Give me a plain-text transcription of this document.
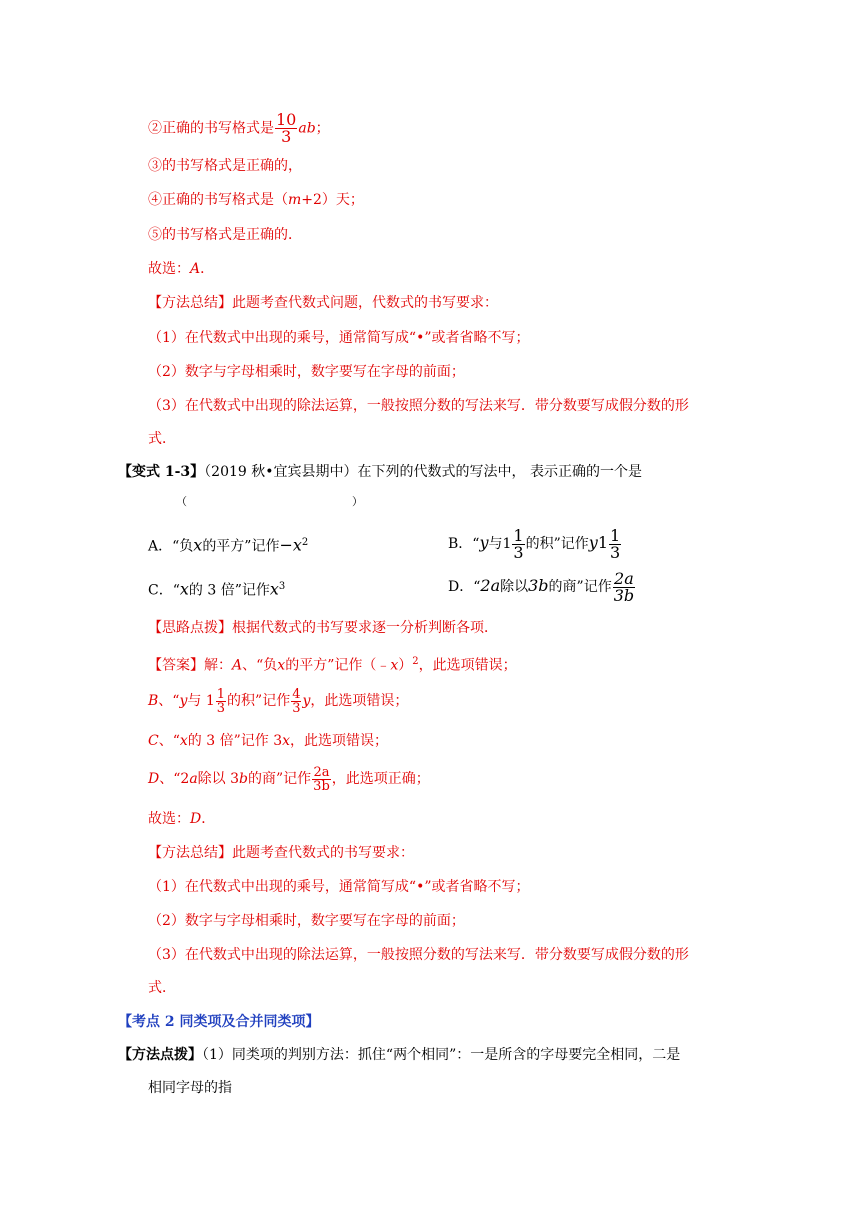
②正确的书写格式是 $\frac{10}{3}$ ab；
③的书写格式是正确的，
④正确的书写格式是（m+2）天；
⑤的书写格式是正确的．
故选：A．
【方法总结】此题考查代数式问题，代数式的书写要求：
（1）在代数式中出现的乘号，通常简写成“•”或者省略不写；
（2）数字与字母相乘时，数字要写在字母的前面；
（3）在代数式中出现的除法运算，一般按照分数的写法来写．带分数要写成假分数的形
式．
【变式 1-3】（2019 秋•宜宾县期中）在下列的代数式的写法中， 表示正确的一个是
（	）
A．“负x的平方”记作$-x^2$	B．“y与$1 \frac{1}{3}$ 的积”记作$y1 \frac{1}{3}$
C．“x的 3 倍”记作$x^3$	D．“2a除以3b的商”记作 $\frac{2a}{3b}$
【思路点拨】根据代数式的书写要求逐一分析判断各项．
【答案】解：A、“负x的平方”记作（﹣x）$^2$，此选项错误；
B、“y与 $1 \frac{1}{3}$ 的积”记作 $\frac{4}{3}$ y，此选项错误；
C、“x的 3 倍”记作 3x，此选项错误；
D、“2a除以 3b的商”记作 $\frac{2a}{3b}$ ，此选项正确；
故选：D．
【方法总结】此题考查代数式的书写要求：
（1）在代数式中出现的乘号，通常简写成“•”或者省略不写；
（2）数字与字母相乘时，数字要写在字母的前面；
（3）在代数式中出现的除法运算，一般按照分数的写法来写．带分数要写成假分数的形
式．
【考点 2 同类项及合并同类项】
【方法点拨】（1）同类项的判别方法：抓住“两个相同”：一是所含的字母要完全相同，二是
相同字母的指
